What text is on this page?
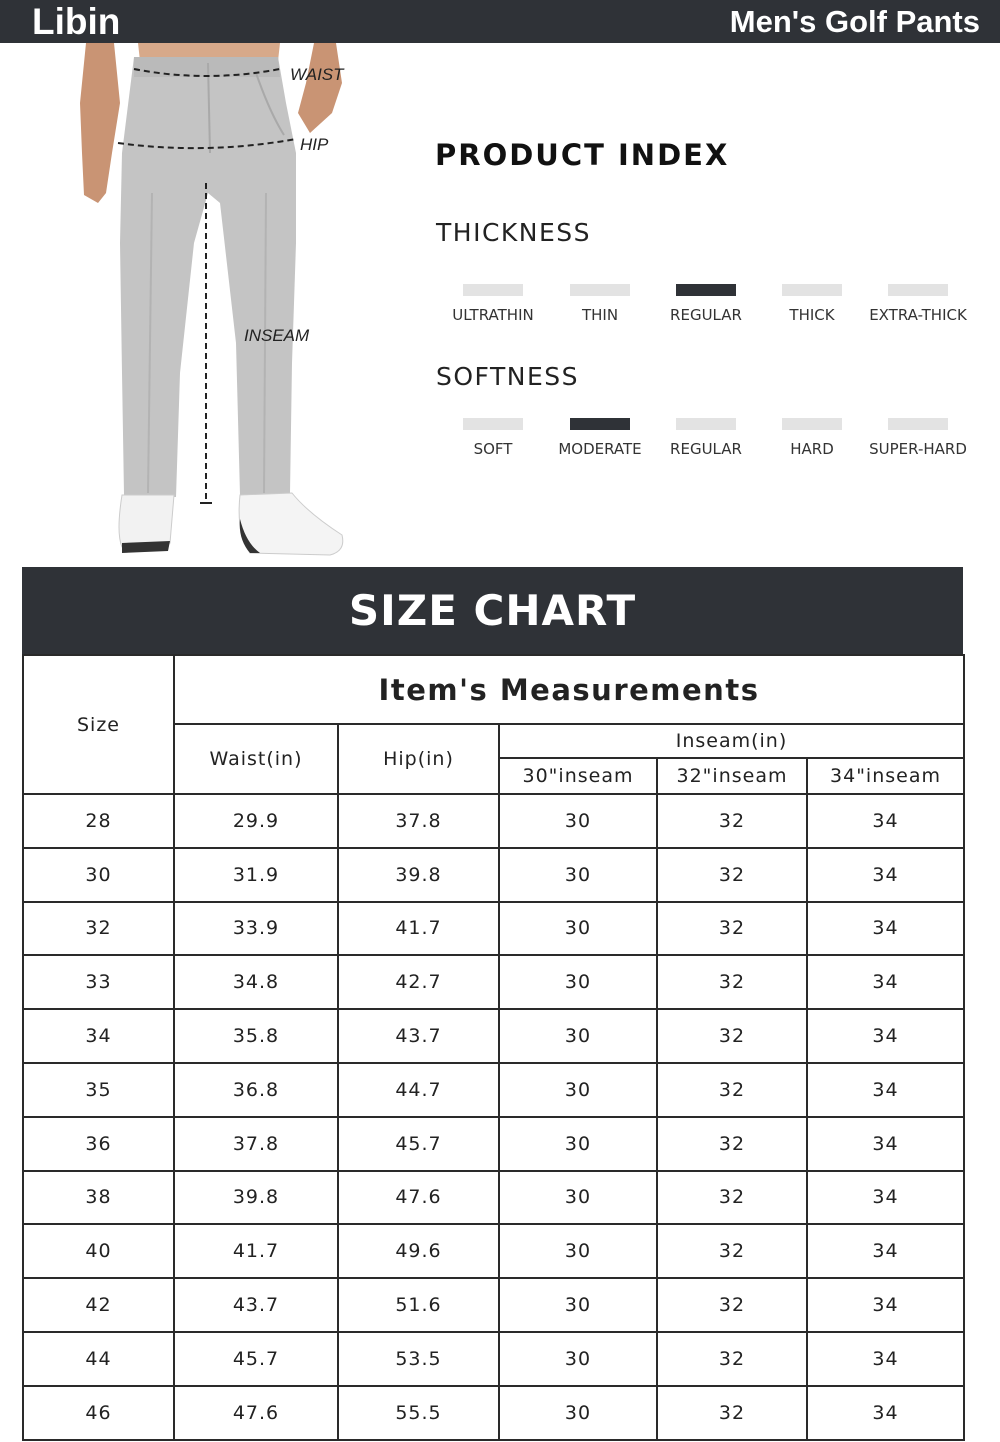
Libin	Men's Golf Pants
WAIST
HIP
INSEAM
PRODUCT INDEX
THICKNESS
ULTRATHIN	THIN	REGULAR	THICK	EXTRA-THICK
SOFTNESS
SOFT	MODERATE	REGULAR	HARD	SUPER-HARD
SIZE CHART
Size	Item's Measurements				
	Waist(in)	Hip(in)	Inseam(in)		
			30"inseam	32"inseam	34"inseam
28	29.9	37.8	30	32	34
30	31.9	39.8	30	32	34
32	33.9	41.7	30	32	34
33	34.8	42.7	30	32	34
34	35.8	43.7	30	32	34
35	36.8	44.7	30	32	34
36	37.8	45.7	30	32	34
38	39.8	47.6	30	32	34
40	41.7	49.6	30	32	34
42	43.7	51.6	30	32	34
44	45.7	53.5	30	32	34
46	47.6	55.5	30	32	34
